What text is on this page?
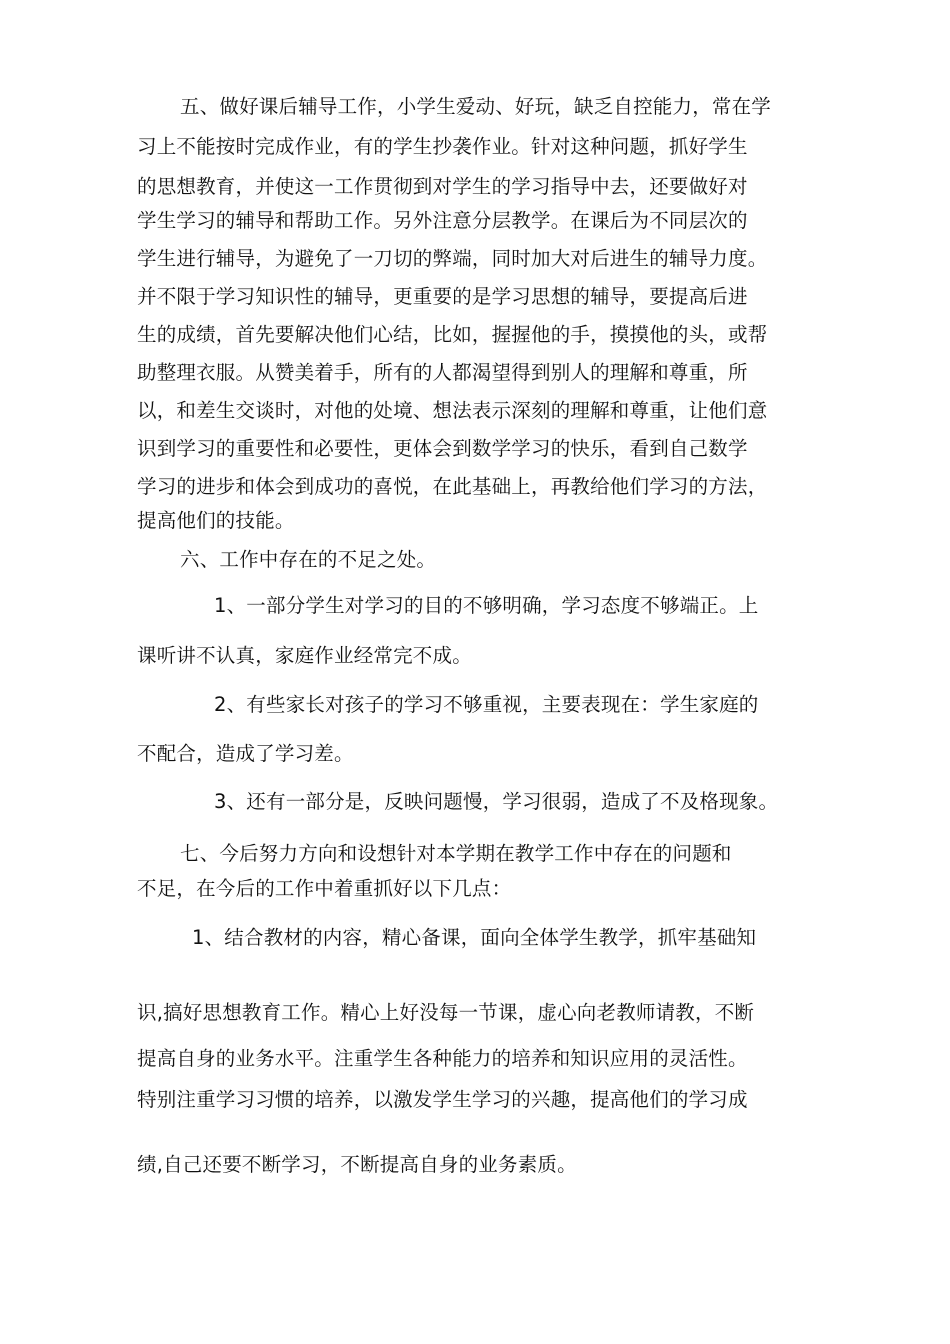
五、做好课后辅导工作，小学生爱动、好玩，缺乏自控能力，常在学
习上不能按时完成作业，有的学生抄袭作业。针对这种问题，抓好学生
的思想教育，并使这一工作贯彻到对学生的学习指导中去，还要做好对
学生学习的辅导和帮助工作。另外注意分层教学。在课后为不同层次的
学生进行辅导，为避免了一刀切的弊端，同时加大对后进生的辅导力度。
并不限于学习知识性的辅导，更重要的是学习思想的辅导，要提高后进
生的成绩，首先要解决他们心结，比如，握握他的手，摸摸他的头，或帮
助整理衣服。从赞美着手，所有的人都渴望得到别人的理解和尊重，所
以，和差生交谈时，对他的处境、想法表示深刻的理解和尊重，让他们意
识到学习的重要性和必要性，更体会到数学学习的快乐，看到自己数学
学习的进步和体会到成功的喜悦，在此基础上，再教给他们学习的方法，
提高他们的技能。
六、工作中存在的不足之处。
1、一部分学生对学习的目的不够明确，学习态度不够端正。上
课听讲不认真，家庭作业经常完不成。
2、有些家长对孩子的学习不够重视，主要表现在：学生家庭的
不配合，造成了学习差。
3、还有一部分是，反映问题慢，学习很弱，造成了不及格现象。
七、今后努力方向和设想针对本学期在教学工作中存在的问题和
不足，在今后的工作中着重抓好以下几点：
1、结合教材的内容，精心备课，面向全体学生教学，抓牢基础知
识,搞好思想教育工作。精心上好没每一节课，虚心向老教师请教，不断
提高自身的业务水平。注重学生各种能力的培养和知识应用的灵活性。
特别注重学习习惯的培养，以激发学生学习的兴趣，提高他们的学习成
绩,自己还要不断学习，不断提高自身的业务素质。
